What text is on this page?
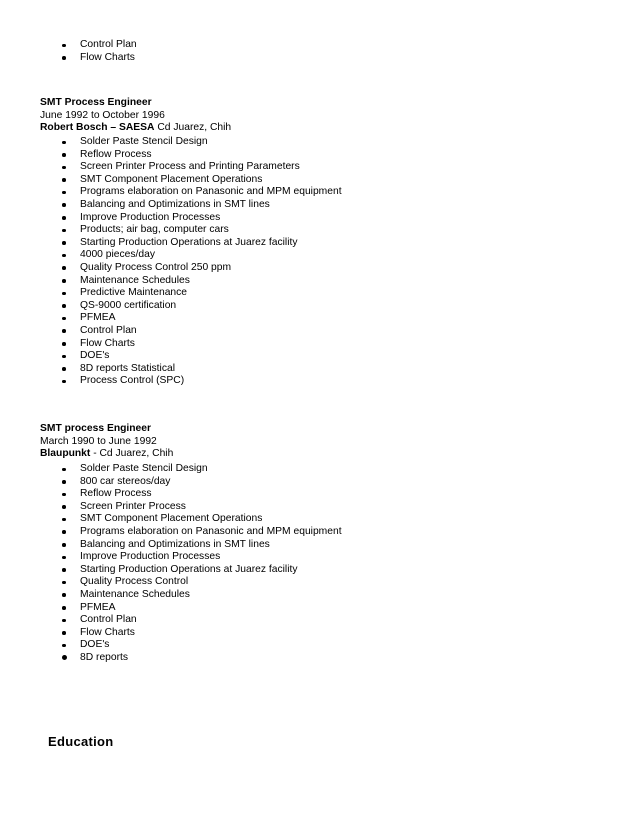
Control Plan
Flow Charts
SMT Process Engineer
June 1992 to October 1996
Robert Bosch – SAESA Cd Juarez, Chih
Solder Paste Stencil Design
Reflow Process
Screen Printer Process and Printing Parameters
SMT Component Placement Operations
Programs elaboration on Panasonic and MPM equipment
Balancing and Optimizations in SMT lines
Improve Production Processes
Products; air bag, computer cars
Starting Production Operations at Juarez facility
4000 pieces/day
Quality Process Control 250 ppm
Maintenance Schedules
Predictive Maintenance
QS-9000 certification
PFMEA
Control Plan
Flow Charts
DOE's
8D reports Statistical
Process Control (SPC)
SMT process Engineer
March 1990 to June 1992
Blaupunkt - Cd Juarez, Chih
Solder Paste Stencil Design
800 car stereos/day
Reflow Process
Screen Printer Process
SMT Component Placement Operations
Programs elaboration on Panasonic and MPM equipment
Balancing and Optimizations in SMT lines
Improve Production Processes
Starting Production Operations at Juarez facility
Quality Process Control
Maintenance Schedules
PFMEA
Control Plan
Flow Charts
DOE's
8D reports
Education
